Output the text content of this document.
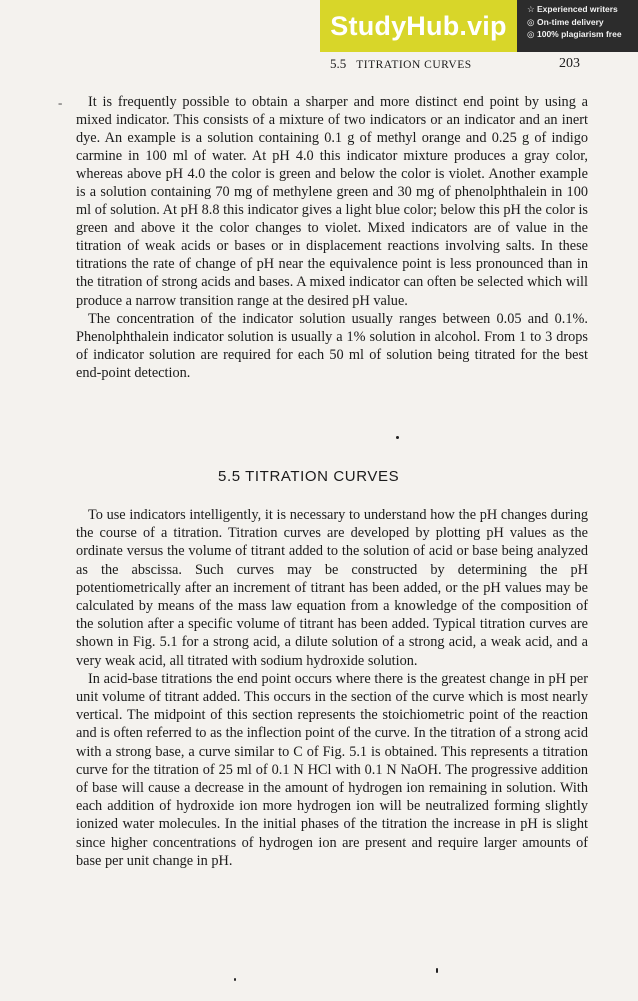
StudyHub.vip
☆ Experienced writers
◎ On-time delivery
◎ 100% plagiarism free
5.5 TITRATION CURVES	203

It is frequently possible to obtain a sharper and more distinct end point by using a mixed indicator. This consists of a mixture of two indicators or an indicator and an inert dye. An example is a solution containing 0.1 g of methyl orange and 0.25 g of indigo carmine in 100 ml of water. At pH 4.0 this indicator mixture produces a gray color, whereas above pH 4.0 the color is green and below the color is violet. Another example is a solution containing 70 mg of methylene green and 30 mg of phenolphthalein in 100 ml of solution. At pH 8.8 this indicator gives a light blue color; below this pH the color is green and above it the color changes to violet. Mixed indicators are of value in the titration of weak acids or bases or in displacement reactions involving salts. In these titrations the rate of change of pH near the equivalence point is less pronounced than in the titration of strong acids and bases. A mixed indicator can often be selected which will produce a narrow transition range at the desired pH value.

The concentration of the indicator solution usually ranges between 0.05 and 0.1%. Phenolphthalein indicator solution is usually a 1% solution in alcohol. From 1 to 3 drops of indicator solution are required for each 50 ml of solution being titrated for the best end-point detection.

5.5 TITRATION CURVES

To use indicators intelligently, it is necessary to understand how the pH changes during the course of a titration. Titration curves are developed by plotting pH values as the ordinate versus the volume of titrant added to the solution of acid or base being analyzed as the abscissa. Such curves may be constructed by determining the pH potentiometrically after an increment of titrant has been added, or the pH values may be calculated by means of the mass law equation from a knowledge of the composition of the solution after a specific volume of titrant has been added. Typical titration curves are shown in Fig. 5.1 for a strong acid, a dilute solution of a strong acid, a weak acid, and a very weak acid, all titrated with sodium hydroxide solution.

In acid-base titrations the end point occurs where there is the greatest change in pH per unit volume of titrant added. This occurs in the section of the curve which is most nearly vertical. The midpoint of this section represents the stoichiometric point of the reaction and is often referred to as the inflection point of the curve. In the titration of a strong acid with a strong base, a curve similar to C of Fig. 5.1 is obtained. This represents a titration curve for the titration of 25 ml of 0.1 N HCl with 0.1 N NaOH. The progressive addition of base will cause a decrease in the amount of hydrogen ion remaining in solution. With each addition of hydroxide ion more hydrogen ion will be neutralized forming slightly ionized water molecules. In the initial phases of the titration the increase in pH is slight since higher concentrations of hydrogen ion are present and require larger amounts of base per unit change in pH.

-
